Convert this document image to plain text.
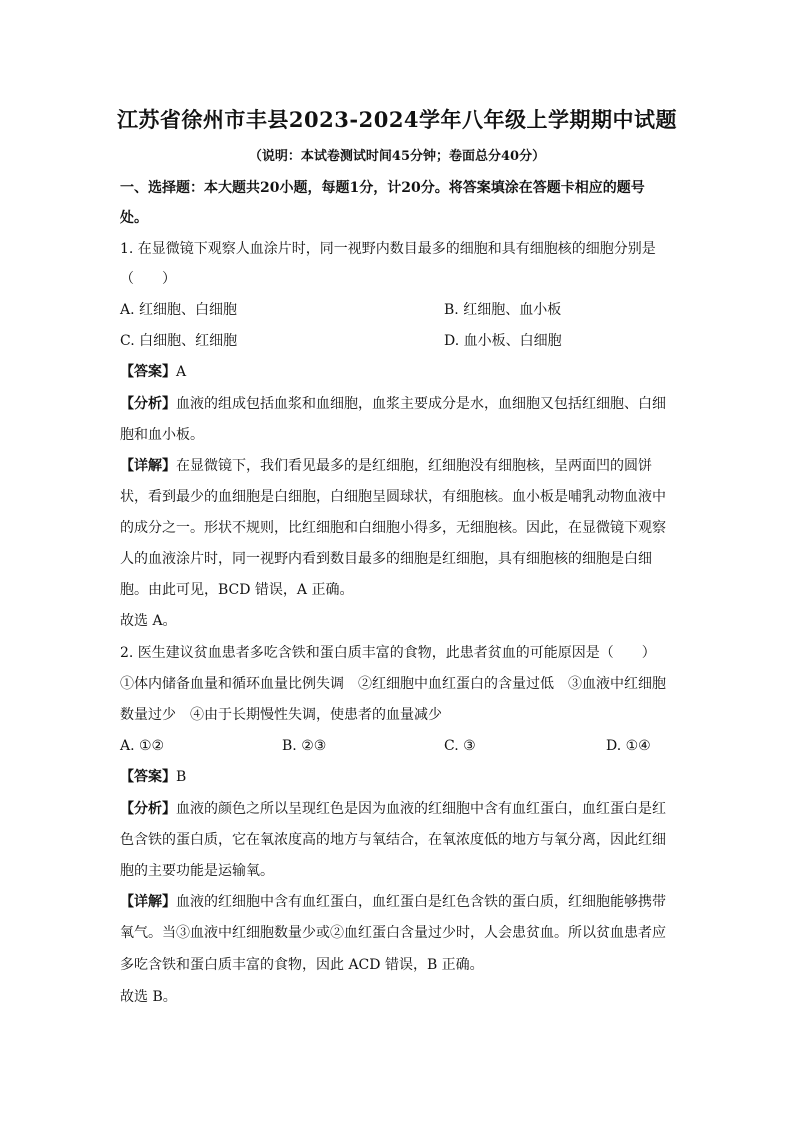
江苏省徐州市丰县2023-2024学年八年级上学期期中试题
（说明：本试卷测试时间45分钟；卷面总分40分）
一、选择题：本大题共20小题，每题1分，计20分。将答案填涂在答题卡相应的题号
处。
1. 在显微镜下观察人血涂片时，同一视野内数目最多的细胞和具有细胞核的细胞分别是
（　　）
A. 红细胞、白细胞	B. 红细胞、血小板
C. 白细胞、红细胞	D. 血小板、白细胞
【答案】A
【分析】血液的组成包括血浆和血细胞，血浆主要成分是水，血细胞又包括红细胞、白细
胞和血小板。
【详解】在显微镜下，我们看见最多的是红细胞，红细胞没有细胞核，呈两面凹的圆饼
状，看到最少的血细胞是白细胞，白细胞呈圆球状，有细胞核。血小板是哺乳动物血液中
的成分之一。形状不规则，比红细胞和白细胞小得多，无细胞核。因此，在显微镜下观察
人的血液涂片时，同一视野内看到数目最多的细胞是红细胞，具有细胞核的细胞是白细
胞。由此可见，BCD 错误，A 正确。
故选 A。
2. 医生建议贫血患者多吃含铁和蛋白质丰富的食物，此患者贫血的可能原因是（　　）
①体内储备血量和循环血量比例失调　②红细胞中血红蛋白的含量过低　③血液中红细胞
数量过少　④由于长期慢性失调，使患者的血量减少
A. ①②	B. ②③	C. ③	D. ①④
【答案】B
【分析】血液的颜色之所以呈现红色是因为血液的红细胞中含有血红蛋白，血红蛋白是红
色含铁的蛋白质，它在氧浓度高的地方与氧结合，在氧浓度低的地方与氧分离，因此红细
胞的主要功能是运输氧。
【详解】血液的红细胞中含有血红蛋白，血红蛋白是红色含铁的蛋白质，红细胞能够携带
氧气。当③血液中红细胞数量少或②血红蛋白含量过少时，人会患贫血。所以贫血患者应
多吃含铁和蛋白质丰富的食物，因此 ACD 错误，B 正确。
故选 B。
